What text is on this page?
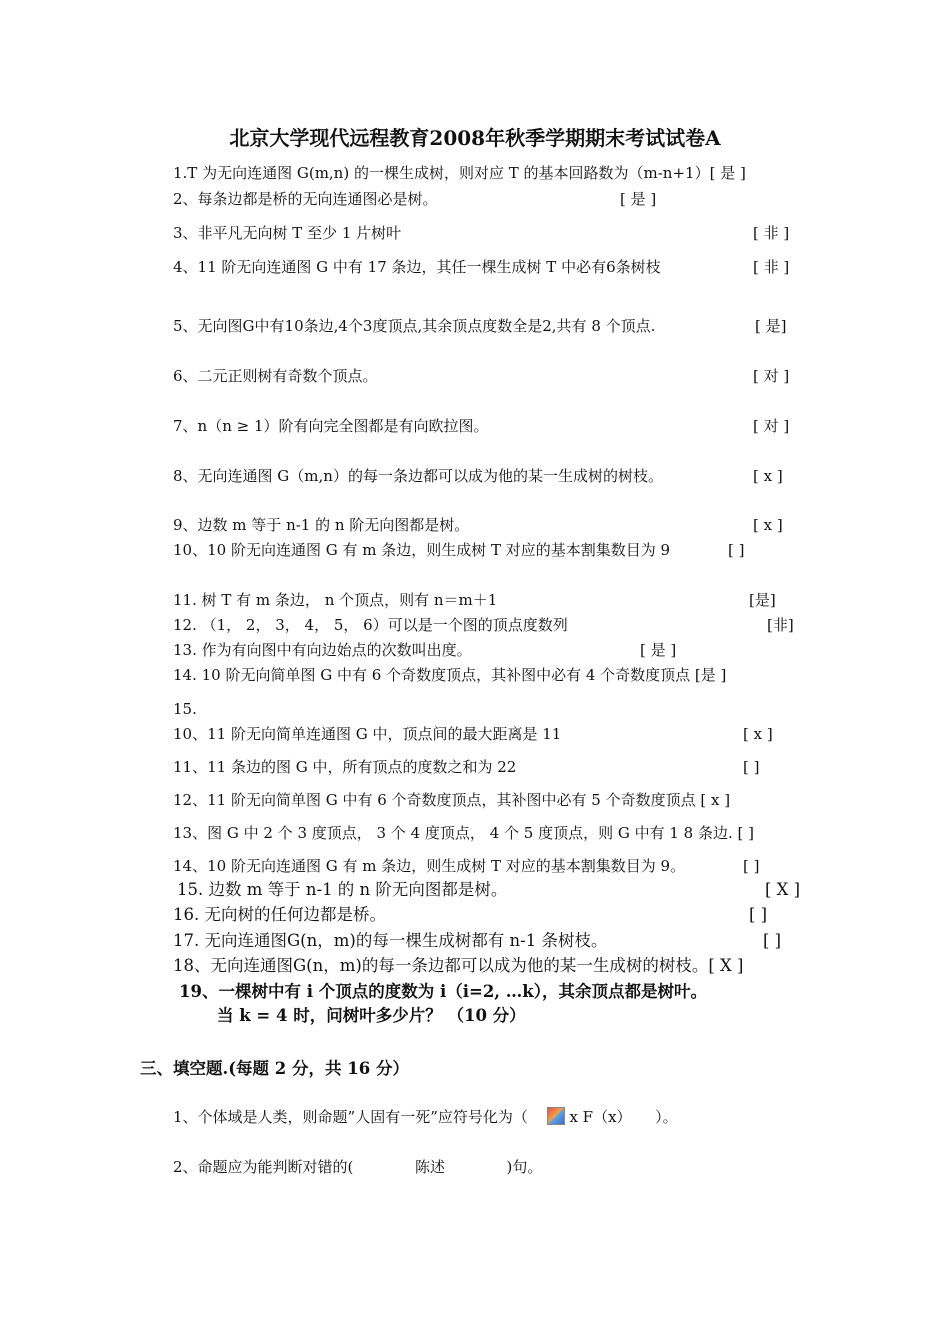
北京大学现代远程教育2008年秋季学期期末考试试卷A
1.T 为无向连通图 G(m,n) 的一棵生成树，则对应 T 的基本回路数为（m-n+1）[ 是 ]
2、每条边都是桥的无向连通图必是树。	[ 是 ]
3、非平凡无向树 T 至少 1 片树叶	[ 非 ]
4、11 阶无向连通图 G 中有 17 条边，其任一棵生成树 T 中必有6条树枝	[ 非 ]
5、无向图G中有10条边,4个3度顶点,其余顶点度数全是2,共有 8 个顶点.	[ 是]
6、二元正则树有奇数个顶点。	[ 对 ]
7、n（n ≥ 1）阶有向完全图都是有向欧拉图。	[ 对 ]
8、无向连通图 G（m,n）的每一条边都可以成为他的某一生成树的树枝。	[ x ]
9、边数 m 等于 n-1 的 n 阶无向图都是树。	[ x ]
10、10 阶无向连通图 G 有 m 条边，则生成树 T 对应的基本割集数目为 9	[ ]
11. 树 T 有 m 条边， n 个顶点，则有 n＝m＋1	[是]
12. （1， 2， 3， 4， 5， 6）可以是一个图的顶点度数列	[非]
13. 作为有向图中有向边始点的次数叫出度。	[ 是 ]
14. 10 阶无向简单图 G 中有 6 个奇数度顶点，其补图中必有 4 个奇数度顶点 [是 ]
15.
10、11 阶无向简单连通图 G 中，顶点间的最大距离是 11	[ x ]
11、11 条边的图 G 中，所有顶点的度数之和为 22	[ ]
12、11 阶无向简单图 G 中有 6 个奇数度顶点，其补图中必有 5 个奇数度顶点 [ x ]
13、图 G 中 2 个 3 度顶点， 3 个 4 度顶点， 4 个 5 度顶点，则 G 中有 1 8 条边. [ ]
14、10 阶无向连通图 G 有 m 条边，则生成树 T 对应的基本割集数目为 9。	[ ]
15. 边数 m 等于 n-1 的 n 阶无向图都是树。	[ X ]
16. 无向树的任何边都是桥。	[ ]
17. 无向连通图G(n，m)的每一棵生成树都有 n-1 条树枝。	[ ]
18、无向连通图G(n，m)的每一条边都可以成为他的某一生成树的树枝。[ X ]
19、一棵树中有 i 个顶点的度数为 i（i=2, …k），其余顶点都是树叶。
当 k = 4 时，问树叶多少片？ （10 分）
三、填空题.(每题 2 分，共 16 分）
1、个体域是人类，则命题”人固有一死”应符号化为（	x F（x） ）。
2、命题应为能判断对错的(	陈述	)句。
